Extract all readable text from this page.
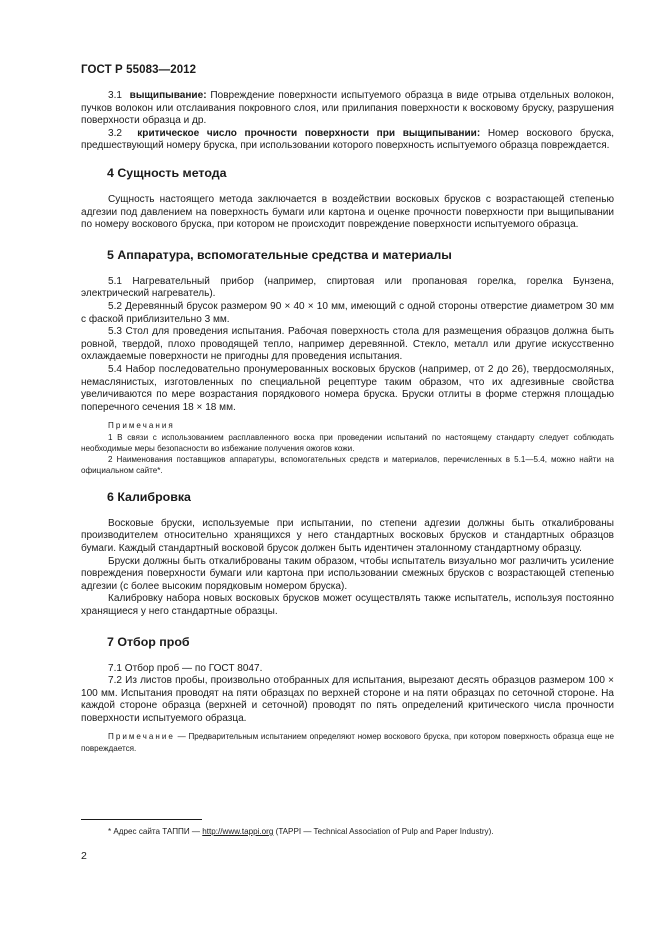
ГОСТ Р 55083—2012

3.1 выщипывание: Повреждение поверхности испытуемого образца в виде отрыва отдельных волокон, пучков волокон или отслаивания покровного слоя, или прилипания поверхности к восковому бруску, разрушения поверхности образца и др.

3.2 критическое число прочности поверхности при выщипывании: Номер воскового бруска, предшествующий номеру бруска, при использовании которого поверхность испытуемого образца повреждается.

4 Сущность метода

Сущность настоящего метода заключается в воздействии восковых брусков с возрастающей степенью адгезии под давлением на поверхность бумаги или картона и оценке прочности поверхности при выщипывании по номеру воскового бруска, при котором не происходит повреждение поверхности испытуемого образца.

5 Аппаратура, вспомогательные средства и материалы

5.1 Нагревательный прибор (например, спиртовая или пропановая горелка, горелка Бунзена, электрический нагреватель).

5.2 Деревянный брусок размером 90 × 40 × 10 мм, имеющий с одной стороны отверстие диаметром 30 мм с фаской приблизительно 3 мм.

5.3 Стол для проведения испытания. Рабочая поверхность стола для размещения образцов должна быть ровной, твердой, плохо проводящей тепло, например деревянной. Стекло, металл или другие искусственно охлаждаемые поверхности не пригодны для проведения испытания.

5.4 Набор последовательно пронумерованных восковых брусков (например, от 2 до 26), твердосмоляных, немаслянистых, изготовленных по специальной рецептуре таким образом, что их адгезивные свойства увеличиваются по мере возрастания порядкового номера бруска. Бруски отлиты в форме стержня площадью поперечного сечения 18 × 18 мм.

Примечания

1 В связи с использованием расплавленного воска при проведении испытаний по настоящему стандарту следует соблюдать необходимые меры безопасности во избежание получения ожогов кожи.

2 Наименования поставщиков аппаратуры, вспомогательных средств и материалов, перечисленных в 5.1—5.4, можно найти на официальном сайте*.

6 Калибровка

Восковые бруски, используемые при испытании, по степени адгезии должны быть откалиброваны производителем относительно хранящихся у него стандартных восковых брусков и стандартных образцов бумаги. Каждый стандартный восковой брусок должен быть идентичен эталонному стандартному образцу.

Бруски должны быть откалиброваны таким образом, чтобы испытатель визуально мог различить усиление повреждения поверхности бумаги или картона при использовании смежных брусков с возрастающей степенью адгезии (с более высоким порядковым номером бруска).

Калибровку набора новых восковых брусков может осуществлять также испытатель, используя постоянно хранящиеся у него стандартные образцы.

7 Отбор проб

7.1 Отбор проб — по ГОСТ 8047.

7.2 Из листов пробы, произвольно отобранных для испытания, вырезают десять образцов размером 100 × 100 мм. Испытания проводят на пяти образцах по верхней стороне и на пяти образцах по сеточной стороне. На каждой стороне образца (верхней и сеточной) проводят по пять определений критического числа прочности поверхности испытуемого образца.

Примечание — Предварительным испытанием определяют номер воскового бруска, при котором поверхность образца еще не повреждается.

* Адрес сайта ТАППИ — http://www.tappi.org (TAPPI — Technical Association of Pulp and Paper Industry).
2
